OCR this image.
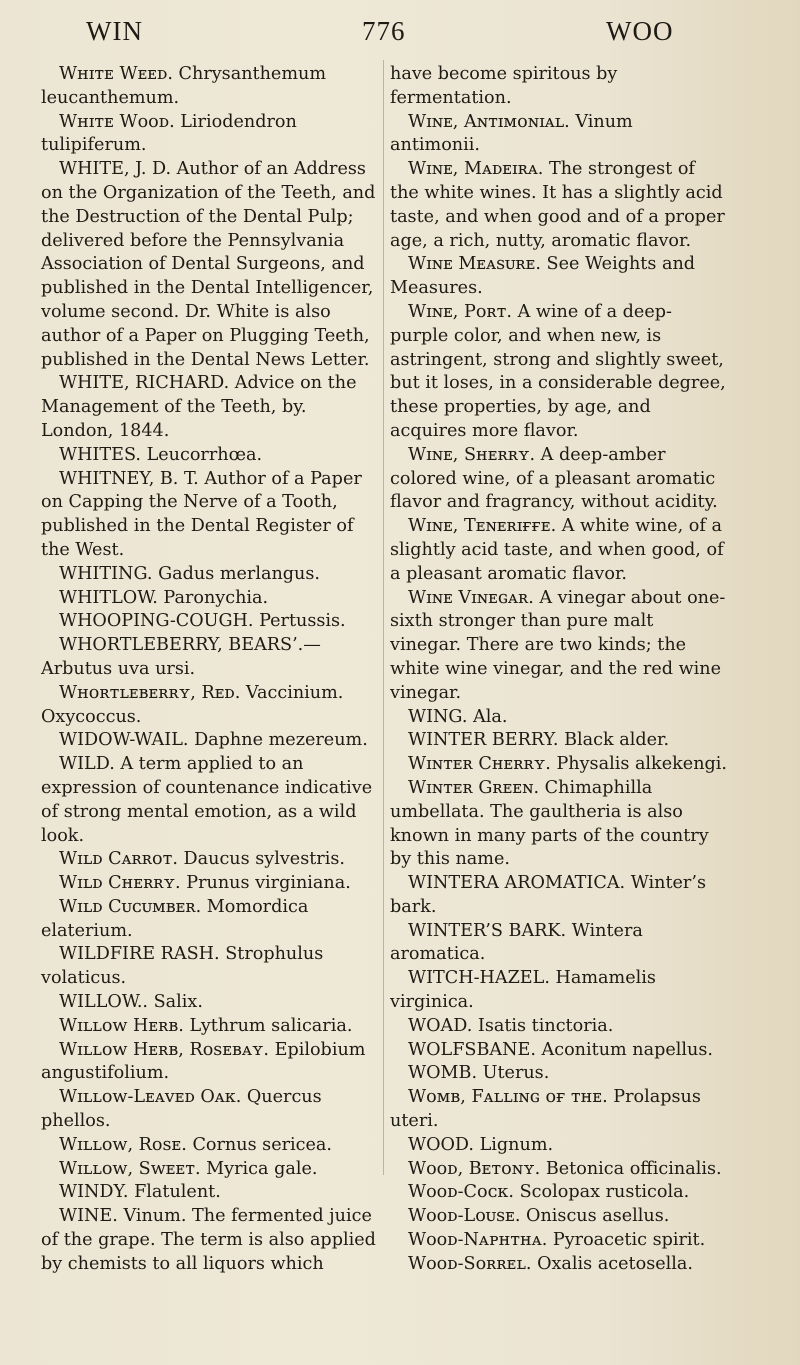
WIN	776	WOO

Wʜɪᴛᴇ Wᴇᴇᴅ. Chrysanthemum leucanthemum.

Wʜɪᴛᴇ Wᴏᴏᴅ. Liriodendron tulipiferum.

WHITE, J. D. Author of an Address on the Organization of the Teeth, and the Destruction of the Dental Pulp; delivered before the Pennsylvania Association of Dental Surgeons, and published in the Dental Intelligencer, volume second. Dr. White is also author of a Paper on Plugging Teeth, published in the Dental News Letter.

WHITE, RICHARD. Advice on the Management of the Teeth, by. London, 1844.

WHITES. Leucorrhœa.

WHITNEY, B. T. Author of a Paper on Capping the Nerve of a Tooth, published in the Dental Register of the West.

WHITING. Gadus merlangus.

WHITLOW. Paronychia.

WHOOPING-COUGH. Pertussis.

WHORTLEBERRY, BEARS’.— Arbutus uva ursi.

Wʜᴏʀᴛʟᴇʙᴇʀʀʏ, Rᴇᴅ. Vaccinium. Oxycoccus.

WIDOW-WAIL. Daphne mezereum.

WILD. A term applied to an expression of countenance indicative of strong mental emotion, as a wild look.

Wɪʟᴅ Cᴀʀʀᴏᴛ. Daucus sylvestris.

Wɪʟᴅ Cʜᴇʀʀʏ. Prunus virginiana.

Wɪʟᴅ Cᴜᴄᴜᴍʙᴇʀ. Momordica elaterium.

WILDFIRE RASH. Strophulus volaticus.

WILLOW.. Salix.

Wɪʟʟᴏᴡ Hᴇʀʙ. Lythrum salicaria.

Wɪʟʟᴏᴡ Hᴇʀʙ, Rᴏsᴇʙᴀʏ. Epilobium angustifolium.

Wɪʟʟᴏᴡ-Lᴇᴀᴠᴇᴅ Oᴀᴋ. Quercus phellos.

Wɪʟʟᴏᴡ, Rᴏsᴇ. Cornus sericea.

Wɪʟʟᴏᴡ, Sᴡᴇᴇᴛ. Myrica gale.

WINDY. Flatulent.

WINE. Vinum. The fermented juice of the grape. The term is also applied by chemists to all liquors which

have become spiritous by fermentation.

Wɪɴᴇ, Aɴᴛɪᴍᴏɴɪᴀʟ. Vinum antimonii.

Wɪɴᴇ, Mᴀᴅᴇɪʀᴀ. The strongest of the white wines. It has a slightly acid taste, and when good and of a proper age, a rich, nutty, aromatic flavor.

Wɪɴᴇ Mᴇᴀsᴜʀᴇ. See Weights and Measures.

Wɪɴᴇ, Pᴏʀᴛ. A wine of a deep-purple color, and when new, is astringent, strong and slightly sweet, but it loses, in a considerable degree, these properties, by age, and acquires more flavor.

Wɪɴᴇ, Sʜᴇʀʀʏ. A deep-amber colored wine, of a pleasant aromatic flavor and fragrancy, without acidity.

Wɪɴᴇ, Tᴇɴᴇʀɪғғᴇ. A white wine, of a slightly acid taste, and when good, of a pleasant aromatic flavor.

Wɪɴᴇ Vɪɴᴇɢᴀʀ. A vinegar about one-sixth stronger than pure malt vinegar. There are two kinds; the white wine vinegar, and the red wine vinegar.

WING. Ala.

WINTER BERRY. Black alder.

Wɪɴᴛᴇʀ Cʜᴇʀʀʏ. Physalis alkekengi.

Wɪɴᴛᴇʀ Gʀᴇᴇɴ. Chimaphilla umbellata. The gaultheria is also known in many parts of the country by this name.

WINTERA AROMATICA. Winter’s bark.

WINTER’S BARK. Wintera aromatica.

WITCH-HAZEL. Hamamelis virginica.

WOAD. Isatis tinctoria.

WOLFSBANE. Aconitum napellus.

WOMB. Uterus.

Wᴏᴍʙ, Fᴀʟʟɪɴɢ ᴏғ ᴛʜᴇ. Prolapsus uteri.

WOOD. Lignum.

Wᴏᴏᴅ, Bᴇᴛᴏɴʏ. Betonica officinalis.

Wᴏᴏᴅ-Cᴏᴄᴋ. Scolopax rusticola.

Wᴏᴏᴅ-Lᴏᴜsᴇ. Oniscus asellus.

Wᴏᴏᴅ-Nᴀᴘʜᴛʜᴀ. Pyroacetic spirit.

Wᴏᴏᴅ-Sᴏʀʀᴇʟ. Oxalis acetosella.
